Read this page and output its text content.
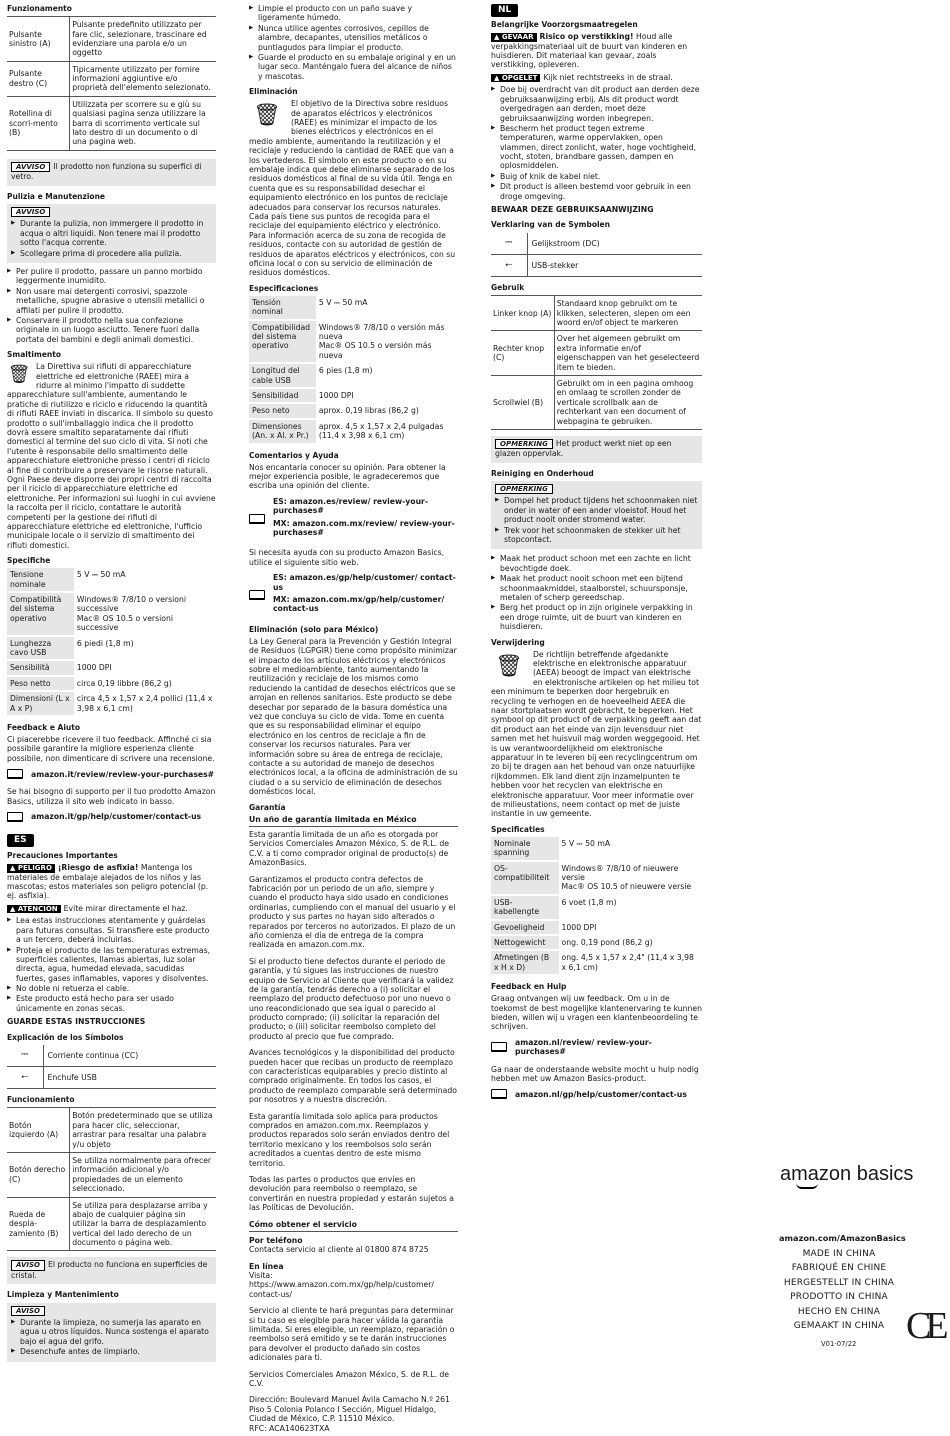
Funzionamento
Pulsante sinistro (A)	Pulsante predefinito utilizzato per fare clic, selezionare, trascinare ed evidenziare una parola e/o un oggetto
Pulsante destro (C)	Tipicamente utilizzato per fornire informazioni aggiuntive e/o proprietà dell'elemento selezionato.
Rotellina di scorri-mento (B)	Utilizzata per scorrere su e giù su qualsiasi pagina senza utilizzare la barra di scorrimento verticale sul lato destro di un documento o di una pagina web.
AVVISO Il prodotto non funziona su superfici di vetro.
Pulizia e Manutenzione
AVVISO
▶ Durante la pulizia, non immergere il prodotto in acqua o altri liquidi. Non tenere mai il prodotto sotto l'acqua corrente.
▶ Scollegare prima di procedere alla pulizia.
▶ Per pulire il prodotto, passare un panno morbido leggermente inumidito.
▶ Non usare mai detergenti corrosivi, spazzole metalliche, spugne abrasive o utensili metallici o affilati per pulire il prodotto.
▶ Conservare il prodotto nella sua confezione originale in un luogo asciutto. Tenere fuori dalla portata dei bambini e degli animali domestici.
Smaltimento

🗑 La Direttiva sui rifiuti di apparecchiature elettriche ed elettroniche (RAEE) mira a ridurre al minimo l'impatto di suddette apparecchiature sull'ambiente, aumentando le pratiche di riutilizzo e riciclo e riducendo la quantità di rifiuti RAEE inviati in discarica. Il simbolo su questo prodotto o sull'imballaggio indica che il prodotto dovrà essere smaltito separatamente dai rifiuti domestici al termine del suo ciclo di vita. Si noti che l'utente è responsabile dello smaltimento delle apparecchiature elettroniche presso i centri di riciclo al fine di contribuire a preservare le risorse naturali. Ogni Paese deve disporre dei propri centri di raccolta per il riciclo di apparecchiature elettriche ed elettroniche. Per informazioni sui luoghi in cui avviene la raccolta per il riciclo, contattare le autorità competenti per la gestione dei rifiuti di apparecchiature elettriche ed elettroniche, l'ufficio municipale locale o il servizio di smaltimento dei rifiuti domestici.

Specifiche
Tensione nominale	5 V ⎓ 50 mA
Compatibilità del sistema operativo	Windows® 7/8/10 o versioni successive
Mac® OS 10.5 o versioni successive
Lunghezza cavo USB	6 piedi (1,8 m)
Sensibilità	1000 DPI
Peso netto	circa 0,19 libbre (86,2 g)
Dimensioni (L x A x P)	circa 4,5 x 1,57 x 2,4 pollici (11,4 x 3,98 x 6,1 cm)
Feedback e Aiuto

Ci piacerebbe ricevere il tuo feedback. Affinché ci sia possibile garantire la migliore esperienza cliente possibile, non dimenticare di scrivere una recensione.

amazon.it/review/review-your-purchases#

Se hai bisogno di supporto per il tuo prodotto Amazon Basics, utilizza il sito web indicato in basso.

amazon.it/gp/help/customer/contact-us
ES
Precauciones Importantes

▲ PELIGRO ¡Riesgo de asfixia! Mantenga los materiales de embalaje alejados de los niños y las mascotas; estos materiales son peligro potencial (p. ej. asfixia).

▲ ATENCIÓN Evite mirar directamente el haz.

▶ Lea estas instrucciones atentamente y guárdelas para futuras consultas. Si transfiere este producto a un tercero, deberá incluirlas.
▶ Proteja el producto de las temperaturas extremas, superficies calientes, llamas abiertas, luz solar directa, agua, humedad elevada, sacudidas fuertes, gases inflamables, vapores y disolventes.
▶ No doble ni retuerza el cable.
▶ Este producto está hecho para ser usado únicamente en zonas secas.

GUARDE ESTAS INSTRUCCIONES

Explicación de los Símbolos
⎓	Corriente continua (CC)
⭠	Enchufe USB
Funcionamiento
Botón izquierdo (A)	Botón predeterminado que se utiliza para hacer clic, seleccionar, arrastrar para resaltar una palabra y/u objeto
Botón derecho (C)	Se utiliza normalmente para ofrecer información adicional y/o propiedades de un elemento seleccionado.
Rueda de despla-zamiento (B)	Se utiliza para desplazarse arriba y abajo de cualquier página sin utilizar la barra de desplazamiento vertical del lado derecho de un documento o página web.
AVISO El producto no funciona en superficies de cristal.
Limpieza y Mantenimiento
AVISO
▶ Durante la limpieza, no sumerja las aparato en agua u otros líquidos. Nunca sostenga el aparato bajo el agua del grifo.
▶ Desenchufe antes de limpiarlo.
▶ Limpie el producto con un paño suave y ligeramente húmedo.
▶ Nunca utilice agentes corrosivos, cepillos de alambre, decapantes, utensilios metálicos o puntiagudos para limpiar el producto.
▶ Guarde el producto en su embalaje original y en un lugar seco. Manténgalo fuera del alcance de niños y mascotas.
Eliminación

🗑	El objetivo de la Directiva sobre residuos de aparatos eléctricos y electrónicos (RAEE) es minimizar el impacto de los bienes eléctricos y electrónicos en el medio ambiente, aumentando la reutilización y el reciclaje y reduciendo la cantidad de RAEE que van a los vertederos. El símbolo en este producto o en su embalaje indica que debe eliminarse separado de los residuos domésticos al final de su vida útil. Tenga en cuenta que es su responsabilidad desechar el equipamiento electrónico en los puntos de reciclaje adecuados para conservar los recursos naturales. Cada país tiene sus puntos de recogida para el reciclaje del equipamiento eléctrico y electrónico. Para información acerca de su zona de recogida de residuos, contacte con su autoridad de gestión de residuos de aparatos eléctricos y electrónicos, con su oficina local o con su servicio de eliminación de residuos domésticos.

Especificaciones
Tensión nominal	5 V ⎓ 50 mA
Compatibilidad del sistema operativo	Windows® 7/8/10 o versión más nueva
Mac® OS 10.5 o versión más nueva
Longitud del cable USB	6 pies (1,8 m)
Sensibilidad	1000 DPI
Peso neto	aprox. 0,19 libras (86,2 g)
Dimensiones (An. x Al. x Pr.)	aprox. 4,5 x 1,57 x 2,4 pulgadas (11,4 x 3,98 x 6,1 cm)
Comentarios y Ayuda

Nos encantaría conocer su opinión. Para obtener la mejor experiencia posible, le agradeceremos que escriba una opinión del cliente.

ES: amazon.es/review/ review-your-purchases#

MX: amazon.com.mx/review/ review-your-purchases#

Si necesita ayuda con su producto Amazon Basics, utilice el siguiente sitio web.

ES: amazon.es/gp/help/customer/ contact-us

MX: amazon.com.mx/gp/help/customer/ contact-us

Eliminación (solo para México)

La Ley General para la Prevención y Gestión Integral de Residuos (LGPGIR) tiene como propósito minimizar el impacto de los artículos eléctricos y electrónicos sobre el medioambiente, tanto aumentando la reutilización y reciclaje de los mismos como reduciendo la cantidad de desechos eléctricos que se arrojan en rellenos sanitarios. Este producto se debe desechar por separado de la basura doméstica una vez que concluya su ciclo de vida. Tome en cuenta que es su responsabilidad eliminar el equipo electrónico en los centros de reciclaje a fin de conservar los recursos naturales. Para ver información sobre su área de entrega de reciclaje, contacte a su autoridad de manejo de desechos electrónicos local, a la oficina de administración de su ciudad o a su servicio de eliminación de desechos domésticos local.

Garantía

Un año de garantía limitada en México

Esta garantía limitada de un año es otorgada por Servicios Comerciales Amazon México, S. de R.L. de C.V. a ti como comprador original de producto(s) de AmazonBasics.

Garantizamos el producto contra defectos de fabricación por un periodo de un año, siempre y cuando el producto haya sido usado en condiciones ordinarias, cumpliendo con el manual del usuario y el producto y sus partes no hayan sido alterados o reparados por terceros no autorizados. El plazo de un año comienza el día de entrega de la compra realizada en amazon.com.mx.

Si el producto tiene defectos durante el periodo de garantía, y tú sigues las instrucciones de nuestro equipo de Servicio al Cliente que verificará la validez de la garantía, tendrás derecho a (i) solicitar el reemplazo del producto defectuoso por uno nuevo o uno reacondicionado que sea igual o parecido al producto comprado; (ii) solicitar la reparación del producto; o (iii) solicitar reembolso completo del producto al precio que fue comprado.

Avances tecnológicos y la disponibilidad del producto pueden hacer que recibas un producto de reemplazo con características equiparables y precio distinto al comprado originalmente. En todos los casos, el producto de reemplazo comparable será determinado por nosotros y a nuestra discreción.

Esta garantía limitada solo aplica para productos comprados en amazon.com.mx. Reemplazos y productos reparados solo serán enviados dentro del territorio mexicano y los reembolsos solo serán acreditados a cuentas dentro de este mismo territorio.

Todas las partes o productos que envíes en devolución para reembolso o reemplazo, se convertirán en nuestra propiedad y estarán sujetos a las Políticas de Devolución.

Cómo obtener el servicio

Por teléfono

Contacta servicio al cliente al 01800 874 8725

En línea

Visita: https://www.amazon.com.mx/gp/help/customer/ contact-us/

Servicio al cliente te hará preguntas para determinar si tu caso es elegible para hacer válida la garantía limitada. Si eres elegible, un reemplazo, reparación o reembolso será emitido y se te darán instrucciones para devolver el producto dañado sin costos adicionales para ti.

Servicios Comerciales Amazon México, S. de R.L. de C.V.

Dirección: Boulevard Manuel Ávila Camacho N.º 261 Piso 5 Colonia Polanco I Sección, Miguel Hidalgo, Ciudad de México, C.P. 11510 México.

RFC: ACA140623TXA

NL
Belangrijke Voorzorgsmaatregelen

▲ GEVAAR Risico op verstikking! Houd alle verpakkingsmateriaal uit de buurt van kinderen en huisdieren. Dit materiaal kan gevaar, zoals verstikking, opleveren.

▲ OPGELET Kijk niet rechtstreeks in de straal.

▶ Doe bij overdracht van dit product aan derden deze gebruiksaanwijzing erbij. Als dit product wordt overgedragen aan derden, moet deze gebruiksaanwijzing worden inbegrepen.
▶ Bescherm het product tegen extreme temperaturen, warme oppervlakken, open vlammen, direct zonlicht, water, hoge vochtigheid, vocht, stoten, brandbare gassen, dampen en oplosmiddelen.
▶ Buig of knik de kabel niet.
▶ Dit product is alleen bestemd voor gebruik in een droge omgeving.

BEWAAR DEZE GEBRUIKSAANWIJZING

Verklaring van de Symbolen
⎓	Gelijkstroom (DC)
⭠	USB-stekker
Gebruik
Linker knop (A)	Standaard knop gebruikt om te klikken, selecteren, slepen om een woord en/of object te markeren
Rechter knop (C)	Over het algemeen gebruikt om extra informatie en/of eigenschappen van het geselecteerd item te bieden.
Scrollwiel (B)	Gebruikt om in een pagina omhoog en omlaag te scrollen zonder de verticale scrollbalk aan de rechterkant van een document of webpagina te gebruiken.
OPMERKING Het product werkt niet op een glazen oppervlak.
Reiniging en Onderhoud
OPMERKING
▶ Dompel het product tijdens het schoonmaken niet onder in water of een ander vloeistof. Houd het product nooit onder stromend water.
▶ Trek voor het schoonmaken de stekker uit het stopcontact.
▶ Maak het product schoon met een zachte en licht bevochtigde doek.
▶ Maak het product nooit schoon met een bijtend schoonmaakmiddel, staalborstel, schuursponsje, metalen of scherp gereedschap.
▶ Berg het product op in zijn originele verpakking in een droge ruimte, uit de buurt van kinderen en huisdieren.
Verwijdering

🗑	De richtlijn betreffende afgedankte elektrische en elektronische apparatuur (AEEA) beoogt de impact van elektrische en elektronische artikelen op het milieu tot een minimum te beperken door hergebruik en recycling te verhogen en de hoeveelheid AEEA die naar stortplaatsen wordt gebracht, te beperken. Het symbool op dit product of de verpakking geeft aan dat dit product aan het einde van zijn levensduur niet samen met het huisvuil mag worden weggegooid. Het is uw verantwoordelijkheid om elektronische apparatuur in te leveren bij een recyclingcentrum om zo bij te dragen aan het behoud van onze natuurlijke rijkdommen. Elk land dient zijn inzamelpunten te hebben voor het recyclen van elektrische en elektronische apparatuur. Voor meer informatie over de milieustations, neem contact op met de juiste instantie in uw gemeente.

Specificaties
Nominale spanning	5 V ⎓ 50 mA
OS-compatibiliteit	Windows® 7/8/10 of nieuwere versie
Mac® OS 10.5 of nieuwere versie
USB-kabellengte	6 voet (1,8 m)
Gevoeligheid	1000 DPI
Nettogewicht	ong. 0,19 pond (86,2 g)
Afmetingen (B x H x D)	ong. 4,5 x 1,57 x 2,4" (11,4 x 3,98 x 6,1 cm)
Feedback en Hulp

Graag ontvangen wij uw feedback. Om u in de toekomst de best mogelijke klantenervaring te kunnen bieden, willen wij u vragen een klantenbeoordeling te schrijven.

amazon.nl/review/ review-your-purchases#

Ga naar de onderstaande website mocht u hulp nodig hebben met uw Amazon Basics-product.

amazon.nl/gp/help/customer/contact-us
amazon basics
amazon.com/AmazonBasics
MADE IN CHINA
FABRIQUÉ EN CHINE
HERGESTELLT IN CHINA
PRODOTTO IN CHINA
HECHO EN CHINA
GEMAAKT IN CHINA CE
V01-07/22
